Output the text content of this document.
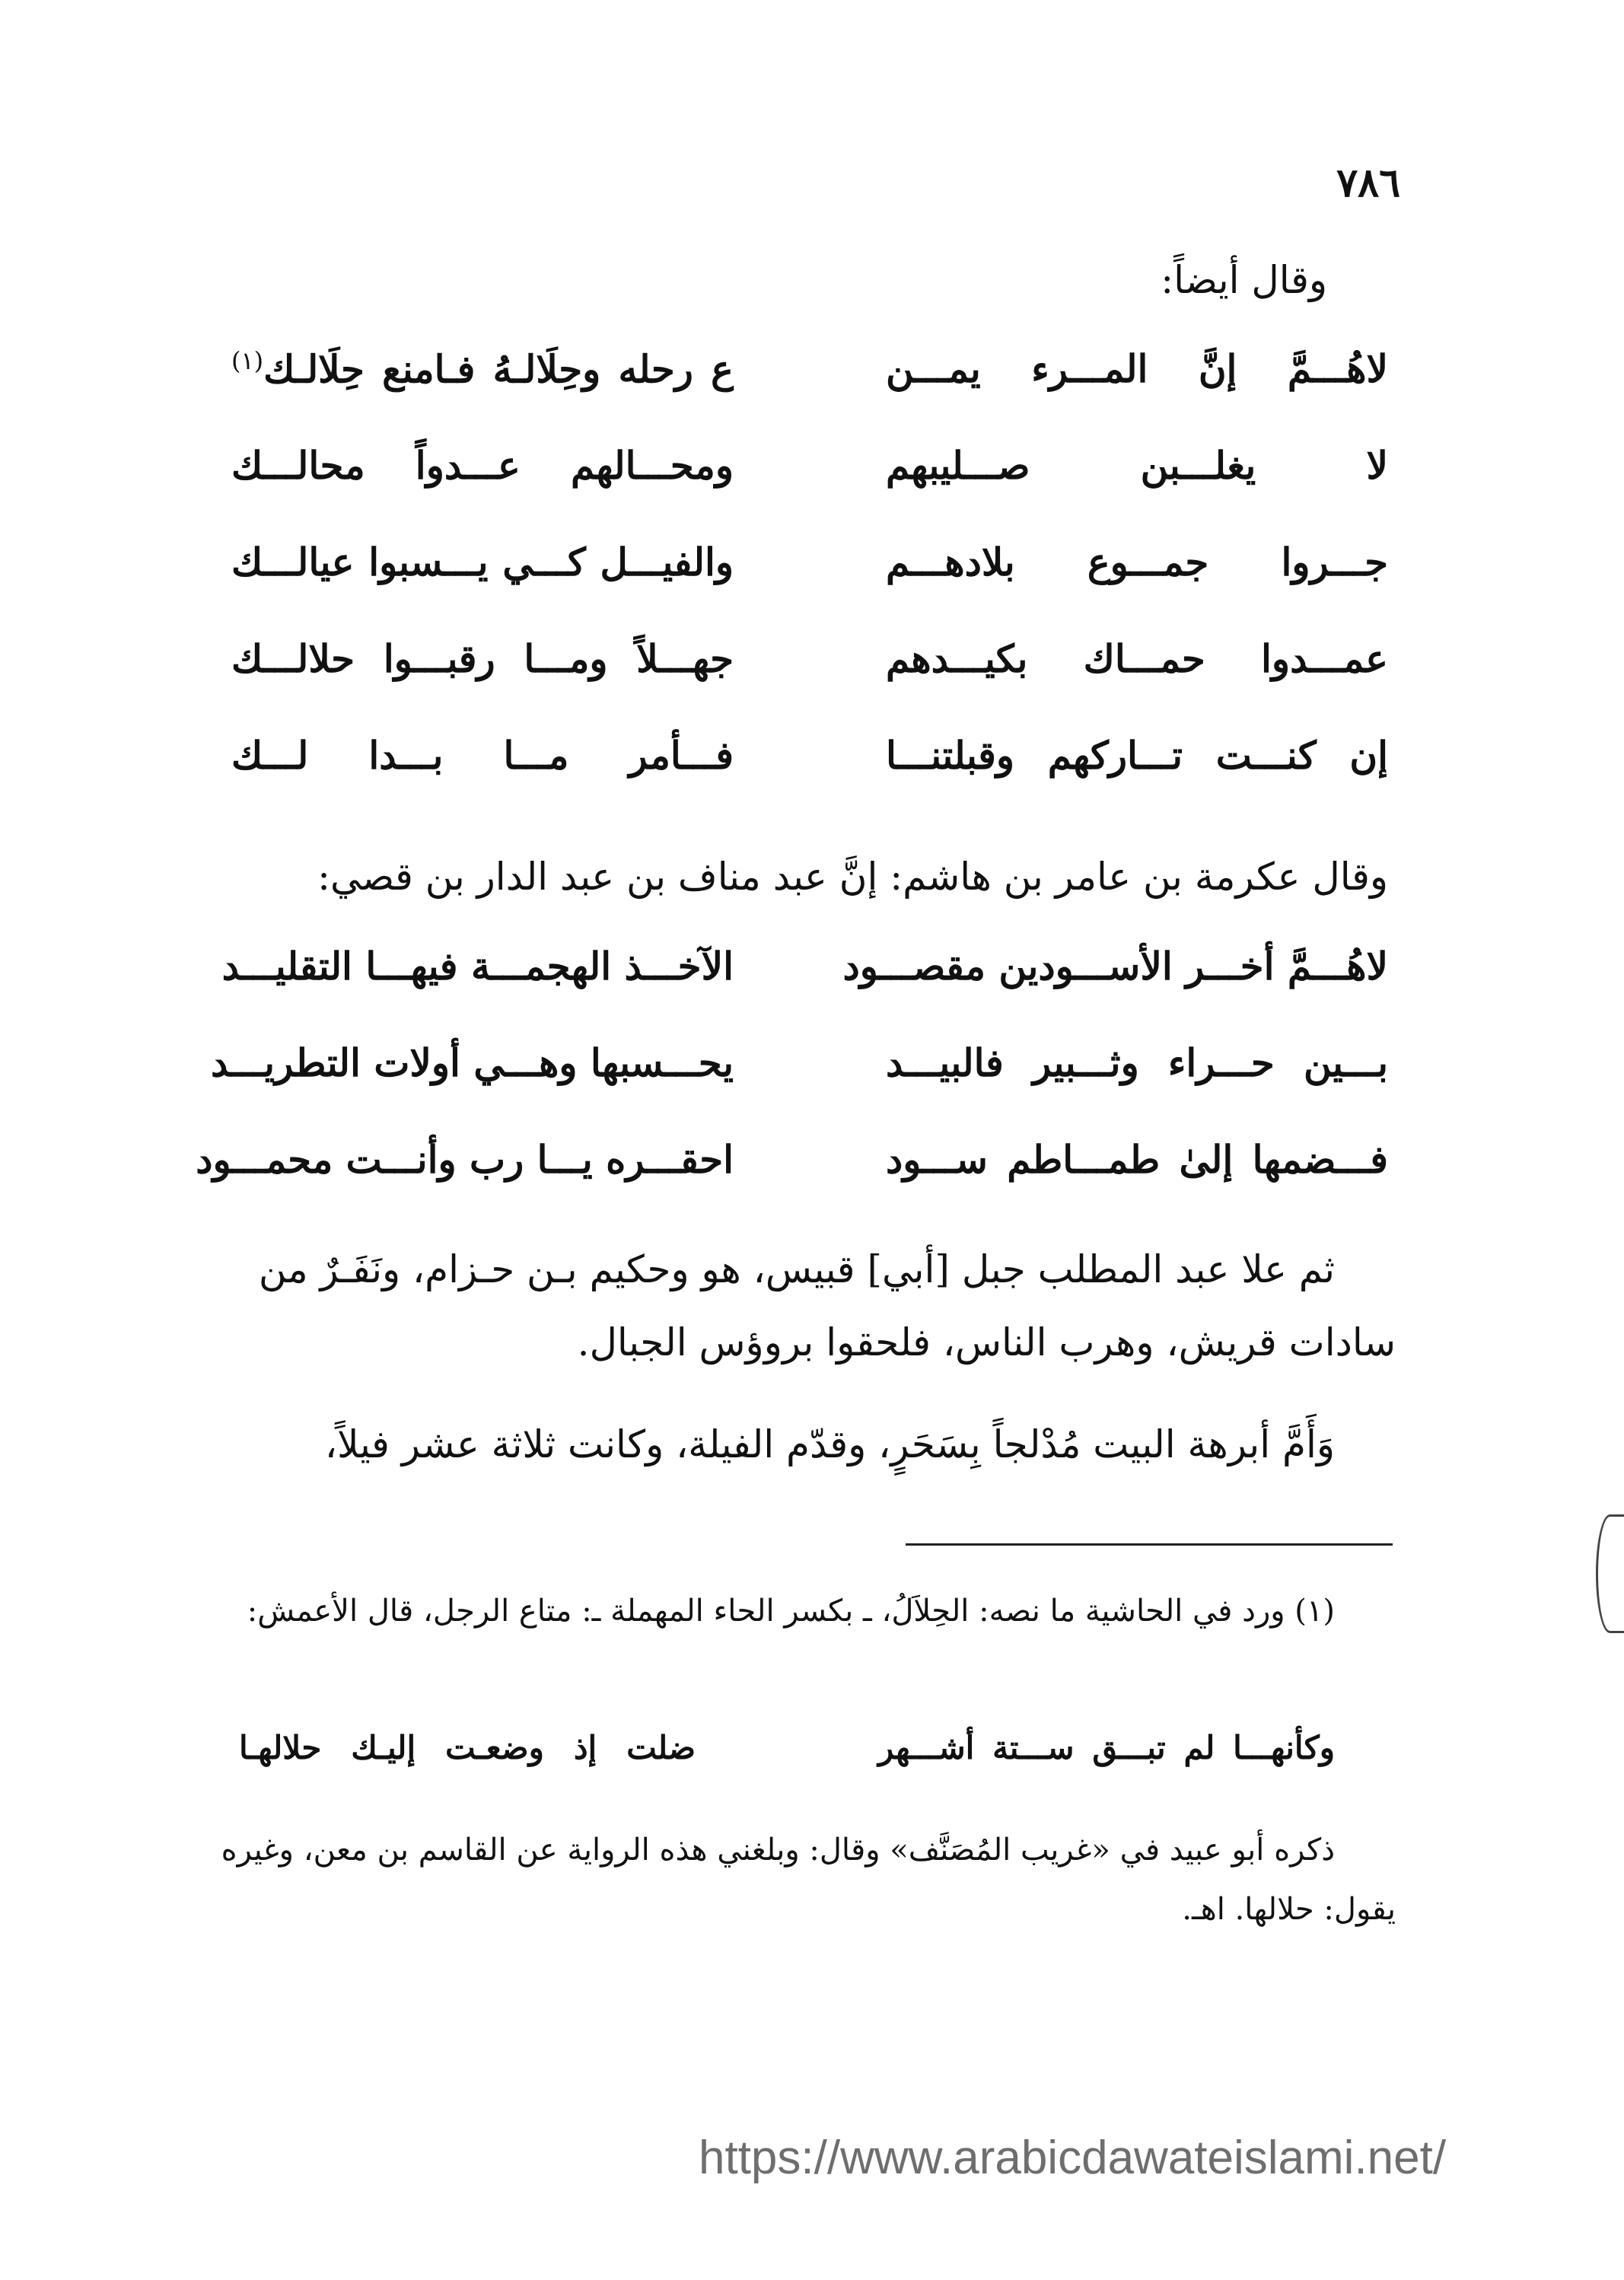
٧٨٦
وقال أيضاً:
لاهُـــمَّ إنَّ المـــرء يمـــن
ع رحله وحِلَالـهُ فـامنع حِلَالـك$^{(١)}$
لا يغلـــبن صـــليبهم
ومحـــالهم عـــدواً محالـــك
جـــروا جمـــوع بلادهـــم
والفيـــل كـــي يـــسبوا عيالـــك
عمـــدوا حمـــاك بكيـــدهم
جهـــلاً ومـــا رقبـــوا حلالـــك
إن كنـــت تـــاركهم وقبلتنـــا
فـــأمر مـــا بـــدا لـــك
وقال عكرمة بن عامر بن هاشم: إنَّ عبد مناف بن عبد الدار بن قصي:
لاهُـــمَّ أخـــر الأســـودين مقصـــود
الآخـــذ الهجمـــة فيهـــا التقليـــد
بـــين حـــراء وثـــبير فالبيـــد
يحـــسبها وهـــي أولات التطريـــد
فـــضمها إلىٰ طمـــاطم ســـود
احقـــره يـــا رب وأنـــت محمـــود
ثم علا عبد المطلب جبل [أبي] قبيس، هو وحكيم بـن حـزام، ونَفَـرٌ من سادات قريش، وهرب الناس، فلحقوا بروؤس الجبال.
وَأَمَّ أبرهة البيت مُدْلجاً بِسَحَرٍ، وقدّم الفيلة، وكانت ثلاثة عشر فيلاً،
(١) ورد في الحاشية ما نصه: الحِلاَلُ، ـ بكسر الحاء المهملة ـ: متاع الرجل، قال الأعمش:
وكأنهـــا لم تبـــق ســـتة أشـــهر
ضلت إذ وضعـت إليـك حلالهـا
ذكره أبو عبيد في «غريب المُصَنَّف» وقال: وبلغني هذه الرواية عن القاسم بن معن، وغيره يقول: حلالها. اهـ.
https://www.arabicdawateislami.net/
